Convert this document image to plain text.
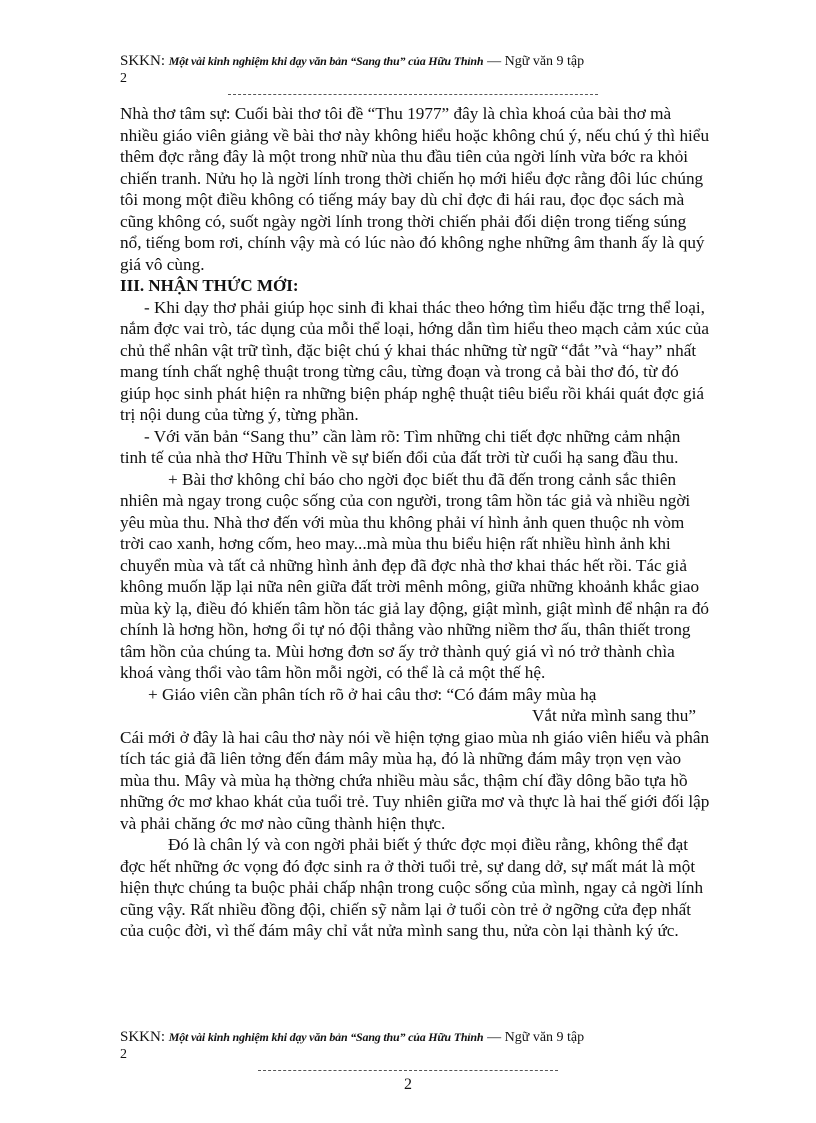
SKKN: Một vài kinh nghiệm khi dạy văn bản “Sang thu” của Hữu Thỉnh — Ngữ văn 9 tập
2

Nhà thơ tâm sự: Cuối bài thơ tôi đề “Thu 1977” đây là chìa khoá của bài thơ mà nhiều giáo viên giảng về bài thơ này không hiểu hoặc không chú ý, nếu chú ý thì hiểu thêm đợc rằng đây là một trong nhữ nùa thu đầu tiên của ngời lính vừa bớc ra khỏi chiến tranh. Nửu họ là ngời lính trong thời chiến họ mới hiểu đợc rằng đôi lúc chúng tôi mong một điều không có tiếng máy bay dù chỉ đợc đi hái rau, đọc đọc sách mà cũng không có, suốt ngày ngời lính trong thời chiến phải đối diện trong tiếng súng nổ, tiếng bom rơi, chính vậy mà có lúc nào đó không nghe những âm thanh ấy là quý giá vô cùng.

III. NHẬN THỨC MỚI:

- Khi dạy thơ phải giúp học sinh đi khai thác theo hớng tìm hiểu đặc trng thể loại, nắm đợc vai trò, tác dụng của mỗi thể loại, hớng dẫn tìm hiểu theo mạch cảm xúc của chủ thể nhân vật trữ tình, đặc biệt chú ý khai thác những từ ngữ “đắt ”và “hay” nhất mang tính chất nghệ thuật trong từng câu, từng đoạn và trong cả bài thơ đó, từ đó giúp học sinh phát hiện ra những biện pháp nghệ thuật tiêu biểu rồi khái quát đợc giá trị nội dung của từng ý, từng phần.

- Với văn bản “Sang thu” cần làm rõ: Tìm những chi tiết đợc những cảm nhận tinh tế của nhà thơ Hữu Thỉnh về sự biến đổi của đất trời từ cuối hạ sang đầu thu.

+ Bài thơ không chỉ báo cho ngời đọc biết thu đã đến trong cảnh sắc thiên nhiên mà ngay trong cuộc sống của con người, trong tâm hồn tác giả và nhiều ngời yêu mùa thu. Nhà thơ đến với mùa thu không phải ví hình ảnh quen thuộc nh vòm trời cao xanh, hơng cốm, heo may...mà mùa thu biểu hiện rất nhiều hình ảnh khi chuyển mùa và tất cả những hình ảnh đẹp đã đợc nhà thơ khai thác hết rồi. Tác giả không muốn lặp lại nữa nên giữa đất trời mênh mông, giữa những khoảnh khắc giao mùa kỳ lạ, điều đó khiến tâm hồn tác giả lay động, giật mình, giật mình để nhận ra đó chính là hơng hồn, hơng ổi tự nó đội thẳng vào những niềm thơ ấu, thân thiết trong tâm hồn của chúng ta. Mùi hơng đơn sơ ấy trở thành quý giá vì nó trở thành chìa khoá vàng thổi vào tâm hồn mỗi ngời, có thể là cả một thế hệ.

+ Giáo viên cần phân tích rõ ở hai câu thơ: “Có đám mây mùa hạ

Vắt nửa mình sang thu”

Cái mới ở đây là hai câu thơ này nói về hiện tợng giao mùa nh giáo viên hiểu và phân tích tác giả đã liên tởng đến đám mây mùa hạ, đó là những đám mây trọn vẹn vào mùa thu. Mây và mùa hạ thờng chứa nhiều màu sắc, thậm chí đầy dông bão tựa hồ những ớc mơ khao khát của tuổi trẻ. Tuy nhiên giữa mơ và thực là hai thế giới đối lập và phải chăng ớc mơ nào cũng thành hiện thực.

Đó là chân lý và con ngời phải biết ý thức đợc mọi điều rằng, không thể đạt đợc hết những ớc vọng đó đợc sinh ra ở thời tuổi trẻ, sự dang dở, sự mất mát là một hiện thực chúng ta buộc phải chấp nhận trong cuộc sống của mình, ngay cả ngời lính cũng vậy. Rất nhiều đồng đội, chiến sỹ nằm lại ở tuổi còn trẻ ở ngỡng cửa đẹp nhất của cuộc đời, vì thế đám mây chỉ vắt nửa mình sang thu, nửa còn lại thành ký ức.

SKKN: Một vài kinh nghiệm khi dạy văn bản “Sang thu” của Hữu Thỉnh — Ngữ văn 9 tập
2
2
